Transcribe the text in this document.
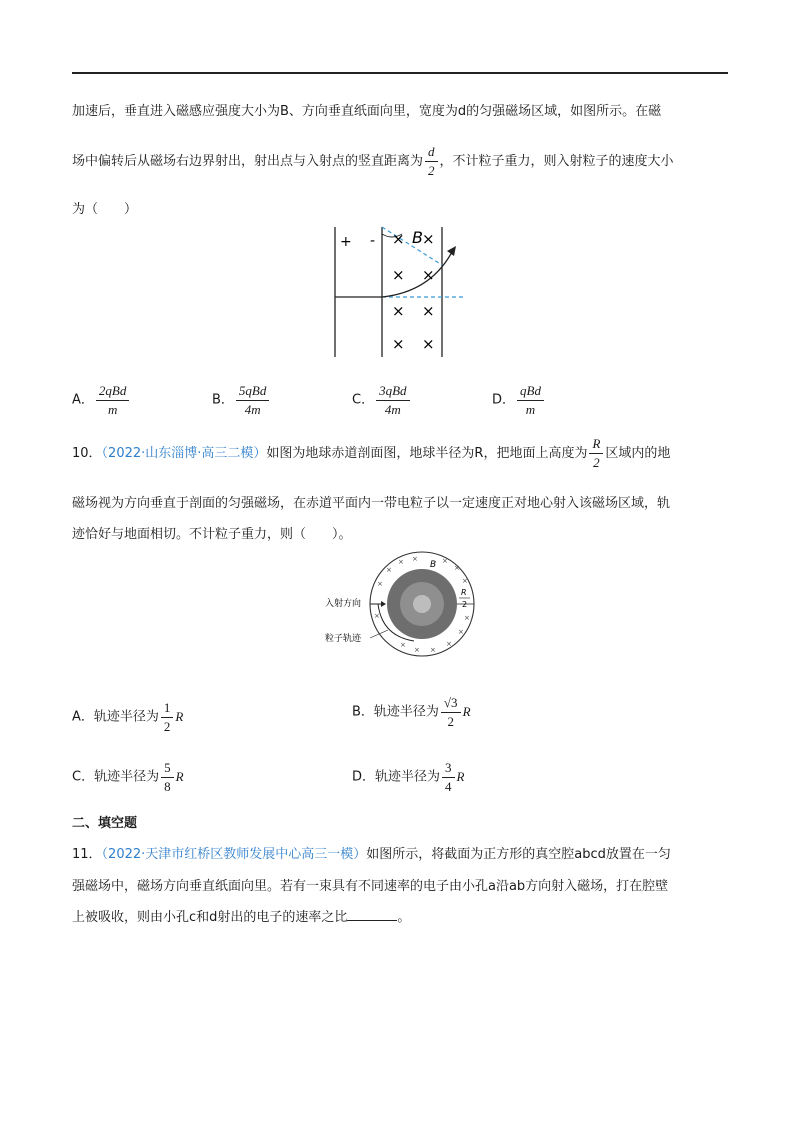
加速后，垂直进入磁感应强度大小为B、方向垂直纸面向里，宽度为d的匀强磁场区域，如图所示。在磁
场中偏转后从磁场右边界射出，射出点与入射点的竖直距离为 $\frac{d}{2}$ ，不计粒子重力，则入射粒子的速度大小
为（　　）
+ - B
× ×
× ×
× ×
× ×
A． $\frac{\text{2qBd}}{m}$	B． $\frac{\text{5qBd}}{4m}$	C． $\frac{\text{3qBd}}{4m}$	D． $\frac{\text{qBd}}{m}$
10．（2022·山东淄博·高三二模）如图为地球赤道剖面图，地球半径为R，把地面上高度为 $\frac{R}{2}$ 区域内的地
磁场视为方向垂直于剖面的匀强磁场，在赤道平面内一带电粒子以一定速度正对地心射入该磁场区域，轨
迹恰好与地面相切。不计粒子重力，则（　　）。
入射方向
粒子轨迹
B
R
2
× ×	×
×
×
×	×
×	×
×
×
×
×
×
A．轨迹半径为 $\frac{1}{2}$ R	B．轨迹半径为 $\frac{√3}{2}$ R
C．轨迹半径为 $\frac{5}{8}$ R	D．轨迹半径为 $\frac{3}{4}$ R
二、填空题
11．（2022·天津市红桥区教师发展中心高三一模）如图所示，将截面为正方形的真空腔abcd放置在一匀
强磁场中，磁场方向垂直纸面向里。若有一束具有不同速率的电子由小孔a沿ab方向射入磁场，打在腔壁
上被吸收，则由小孔c和d射出的电子的速率之比	。
